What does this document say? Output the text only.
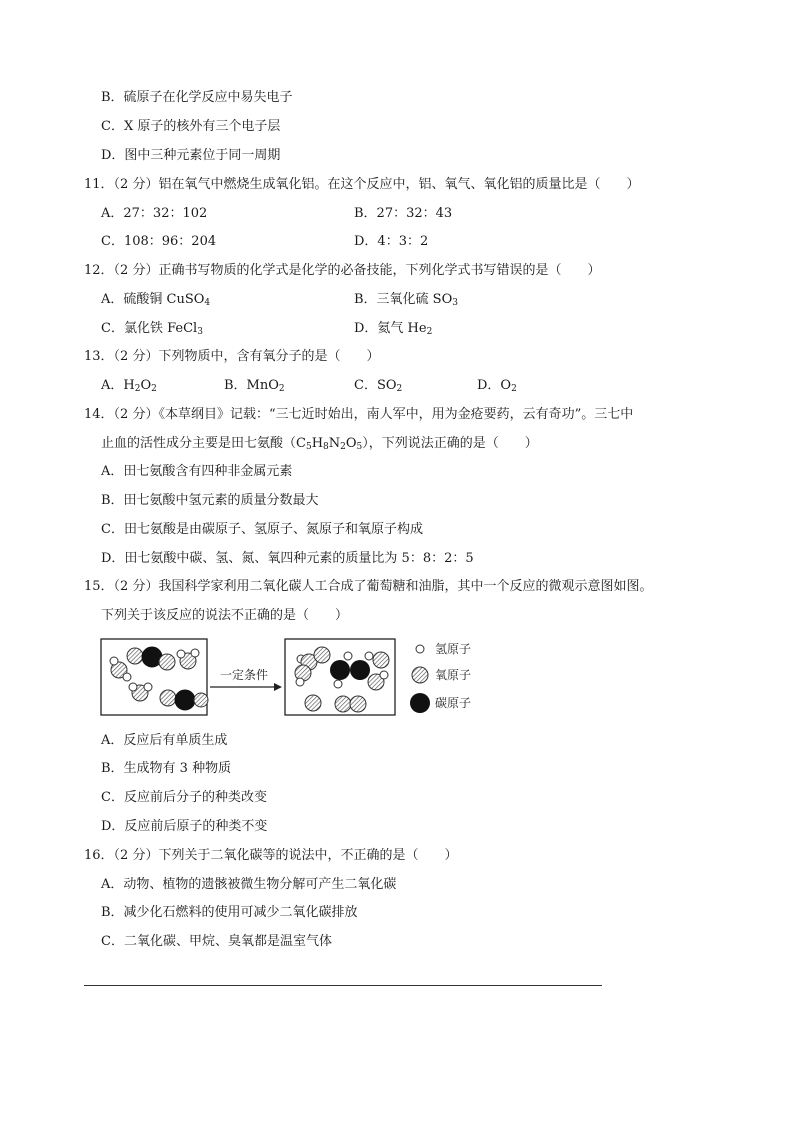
B．硫原子在化学反应中易失电子
C．X 原子的核外有三个电子层
D．图中三种元素位于同一周期
11．（2 分）铝在氧气中燃烧生成氧化铝。在这个反应中，铝、氧气、氧化铝的质量比是（　　）
A．27：32：102	B．27：32：43
C．108：96：204	D．4：3：2
12．（2 分）正确书写物质的化学式是化学的必备技能，下列化学式书写错误的是（　　）
A．硫酸铜 CuSO$_4$	B．三氧化硫 $SO_3$
C．氯化铁 FeCl$_3$	D．氦气 $He_2$
13．（2 分）下列物质中，含有氧分子的是（　　）
A．$H_2O_2$	B．MnO$_2$	C．$SO_2$	D．$O_2$
14．（2 分）《本草纲目》记载：“三七近时始出，南人军中，用为金疮要药，云有奇功”。三七中
止血的活性成分主要是田七氨酸$(C_5H_8N_2O_5)$，下列说法正确的是（　　）
A．田七氨酸含有四种非金属元素
B．田七氨酸中氢元素的质量分数最大
C．田七氨酸是由碳原子、氢原子、氮原子和氧原子构成
D．田七氨酸中碳、氢、氮、氧四种元素的质量比为 5：8：2：5
15．（2 分）我国科学家利用二氧化碳人工合成了葡萄糖和油脂，其中一个反应的微观示意图如图。
下列关于该反应的说法不正确的是（　　）
一定条件
氢原子
氧原子
碳原子
A．反应后有单质生成
B．生成物有 3 种物质
C．反应前后分子的种类改变
D．反应前后原子的种类不变
16．（2 分）下列关于二氧化碳等的说法中，不正确的是（　　）
A．动物、植物的遗骸被微生物分解可产生二氧化碳
B．减少化石燃料的使用可减少二氧化碳排放
C．二氧化碳、甲烷、臭氧都是温室气体
